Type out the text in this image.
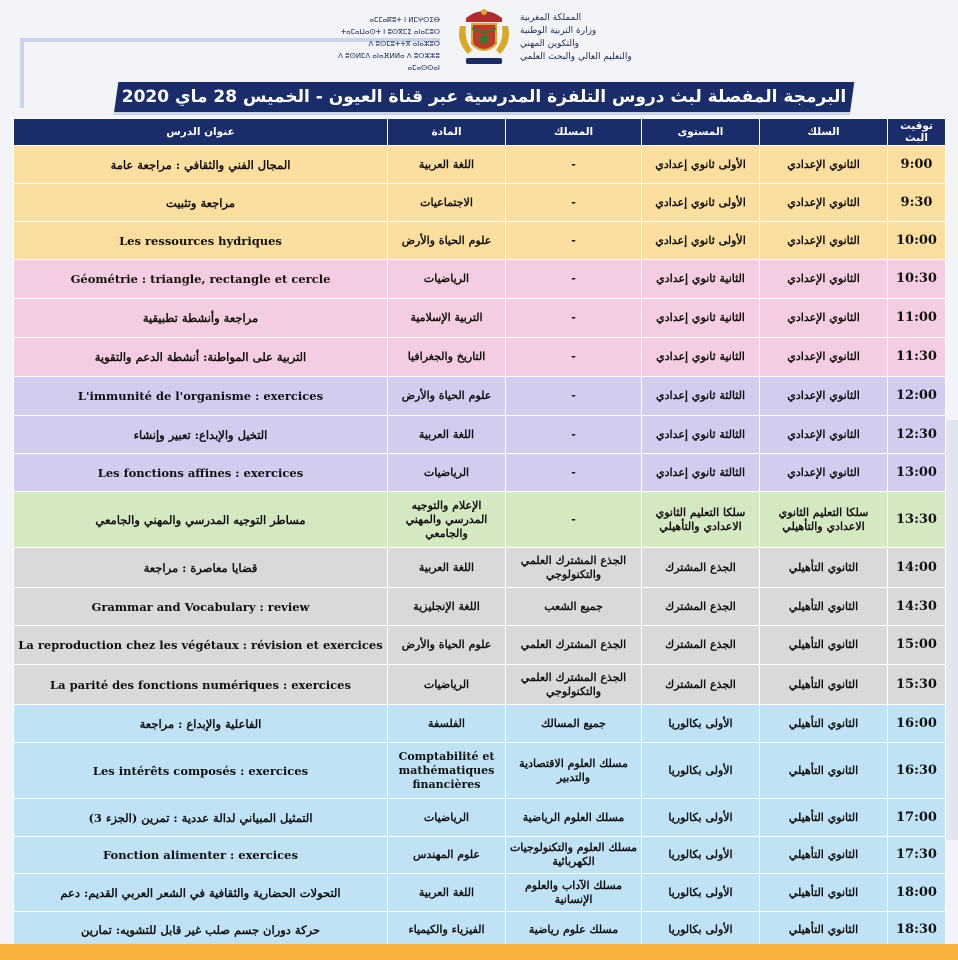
ⴰⵎⵎⴰⴽⵓⵜ ⵏ ⵍⵎⵖⵔⵉⴱ
ⵜⴰⵎⴰⵡⴰⵙⵜ ⵏ ⵓⵙⴳⵎⵉ ⴰⵏⴰⵎⵓⵔ
ⴷ ⵓⵙⵎⵓⵜⵜⴳ ⴰⵏⴰⵣⵓⵔ
ⴷ ⵓⵙⵍⵎⴷ ⴰⵏⴰⴼⵍⵍⴰ ⴷ ⵓⵔⵣⵣⵓ ⴰⵎⴰⵙⵙⴰⵏ
المملكة المغربية
وزارة التربية الوطنية
والتكوين المهني
والتعليم العالي والبحث العلمي
البرمجة المفصلة لبث دروس التلفزة المدرسية عبر قناة العيون - الخميس 28 ماي 2020
توقيت البث	السلك	المستوى	المسلك	المادة	عنوان الدرس
9:00	الثانوي الإعدادي	الأولى ثانوي إعدادي	-	اللغة العربية	المجال الفني والثقافي : مراجعة عامة
9:30	الثانوي الإعدادي	الأولى ثانوي إعدادي	-	الاجتماعيات	مراجعة وتثبيت
10:00	الثانوي الإعدادي	الأولى ثانوي إعدادي	-	علوم الحياة والأرض	Les ressources hydriques
10:30	الثانوي الإعدادي	الثانية ثانوي إعدادي	-	الرياضيات	Géométrie : triangle, rectangle et cercle
11:00	الثانوي الإعدادي	الثانية ثانوي إعدادي	-	التربية الإسلامية	مراجعة وأنشطة تطبيقية
11:30	الثانوي الإعدادي	الثانية ثانوي إعدادي	-	التاريخ والجغرافيا	التربية على المواطنة: أنشطة الدعم والتقوية
12:00	الثانوي الإعدادي	الثالثة ثانوي إعدادي	-	علوم الحياة والأرض	L'immunité de l'organisme : exercices
12:30	الثانوي الإعدادي	الثالثة ثانوي إعدادي	-	اللغة العربية	التخيل والإبداع: تعبير وإنشاء
13:00	الثانوي الإعدادي	الثالثة ثانوي إعدادي	-	الرياضيات	Les fonctions affines : exercices
13:30	سلكا التعليم الثانوي الاعدادي والتأهيلي	سلكا التعليم الثانوي الاعدادي والتأهيلي	-	الإعلام والتوجيه المدرسي والمهني والجامعي	مساطر التوجيه المدرسي والمهني والجامعي
14:00	الثانوي التأهيلي	الجذع المشترك	الجذع المشترك العلمي والتكنولوجي	اللغة العربية	قضايا معاصرة : مراجعة
14:30	الثانوي التأهيلي	الجذع المشترك	جميع الشعب	اللغة الإنجليزية	Grammar and Vocabulary : review
15:00	الثانوي التأهيلي	الجذع المشترك	الجذع المشترك العلمي	علوم الحياة والأرض	La reproduction chez les végétaux : révision et exercices
15:30	الثانوي التأهيلي	الجذع المشترك	الجذع المشترك العلمي والتكنولوجي	الرياضيات	La parité des fonctions numériques : exercices
16:00	الثانوي التأهيلي	الأولى بكالوريا	جميع المسالك	الفلسفة	الفاعلية والإبداع : مراجعة
16:30	الثانوي التأهيلي	الأولى بكالوريا	مسلك العلوم الاقتصادية والتدبير	Comptabilité et mathématiques financières	Les intérêts composés : exercices
17:00	الثانوي التأهيلي	الأولى بكالوريا	مسلك العلوم الرياضية	الرياضيات	التمثيل المبياني لدالة عددية : تمرين (الجزء 3)
17:30	الثانوي التأهيلي	الأولى بكالوريا	مسلك العلوم والتكنولوجيات الكهربائية	علوم المهندس	Fonction alimenter : exercices
18:00	الثانوي التأهيلي	الأولى بكالوريا	مسلك الآداب والعلوم الإنسانية	اللغة العربية	التحولات الحضارية والثقافية في الشعر العربي القديم: دعم
18:30	الثانوي التأهيلي	الأولى بكالوريا	مسلك علوم رياضية	الفيزياء والكيمياء	حركة دوران جسم صلب غير قابل للتشويه: تمارين
